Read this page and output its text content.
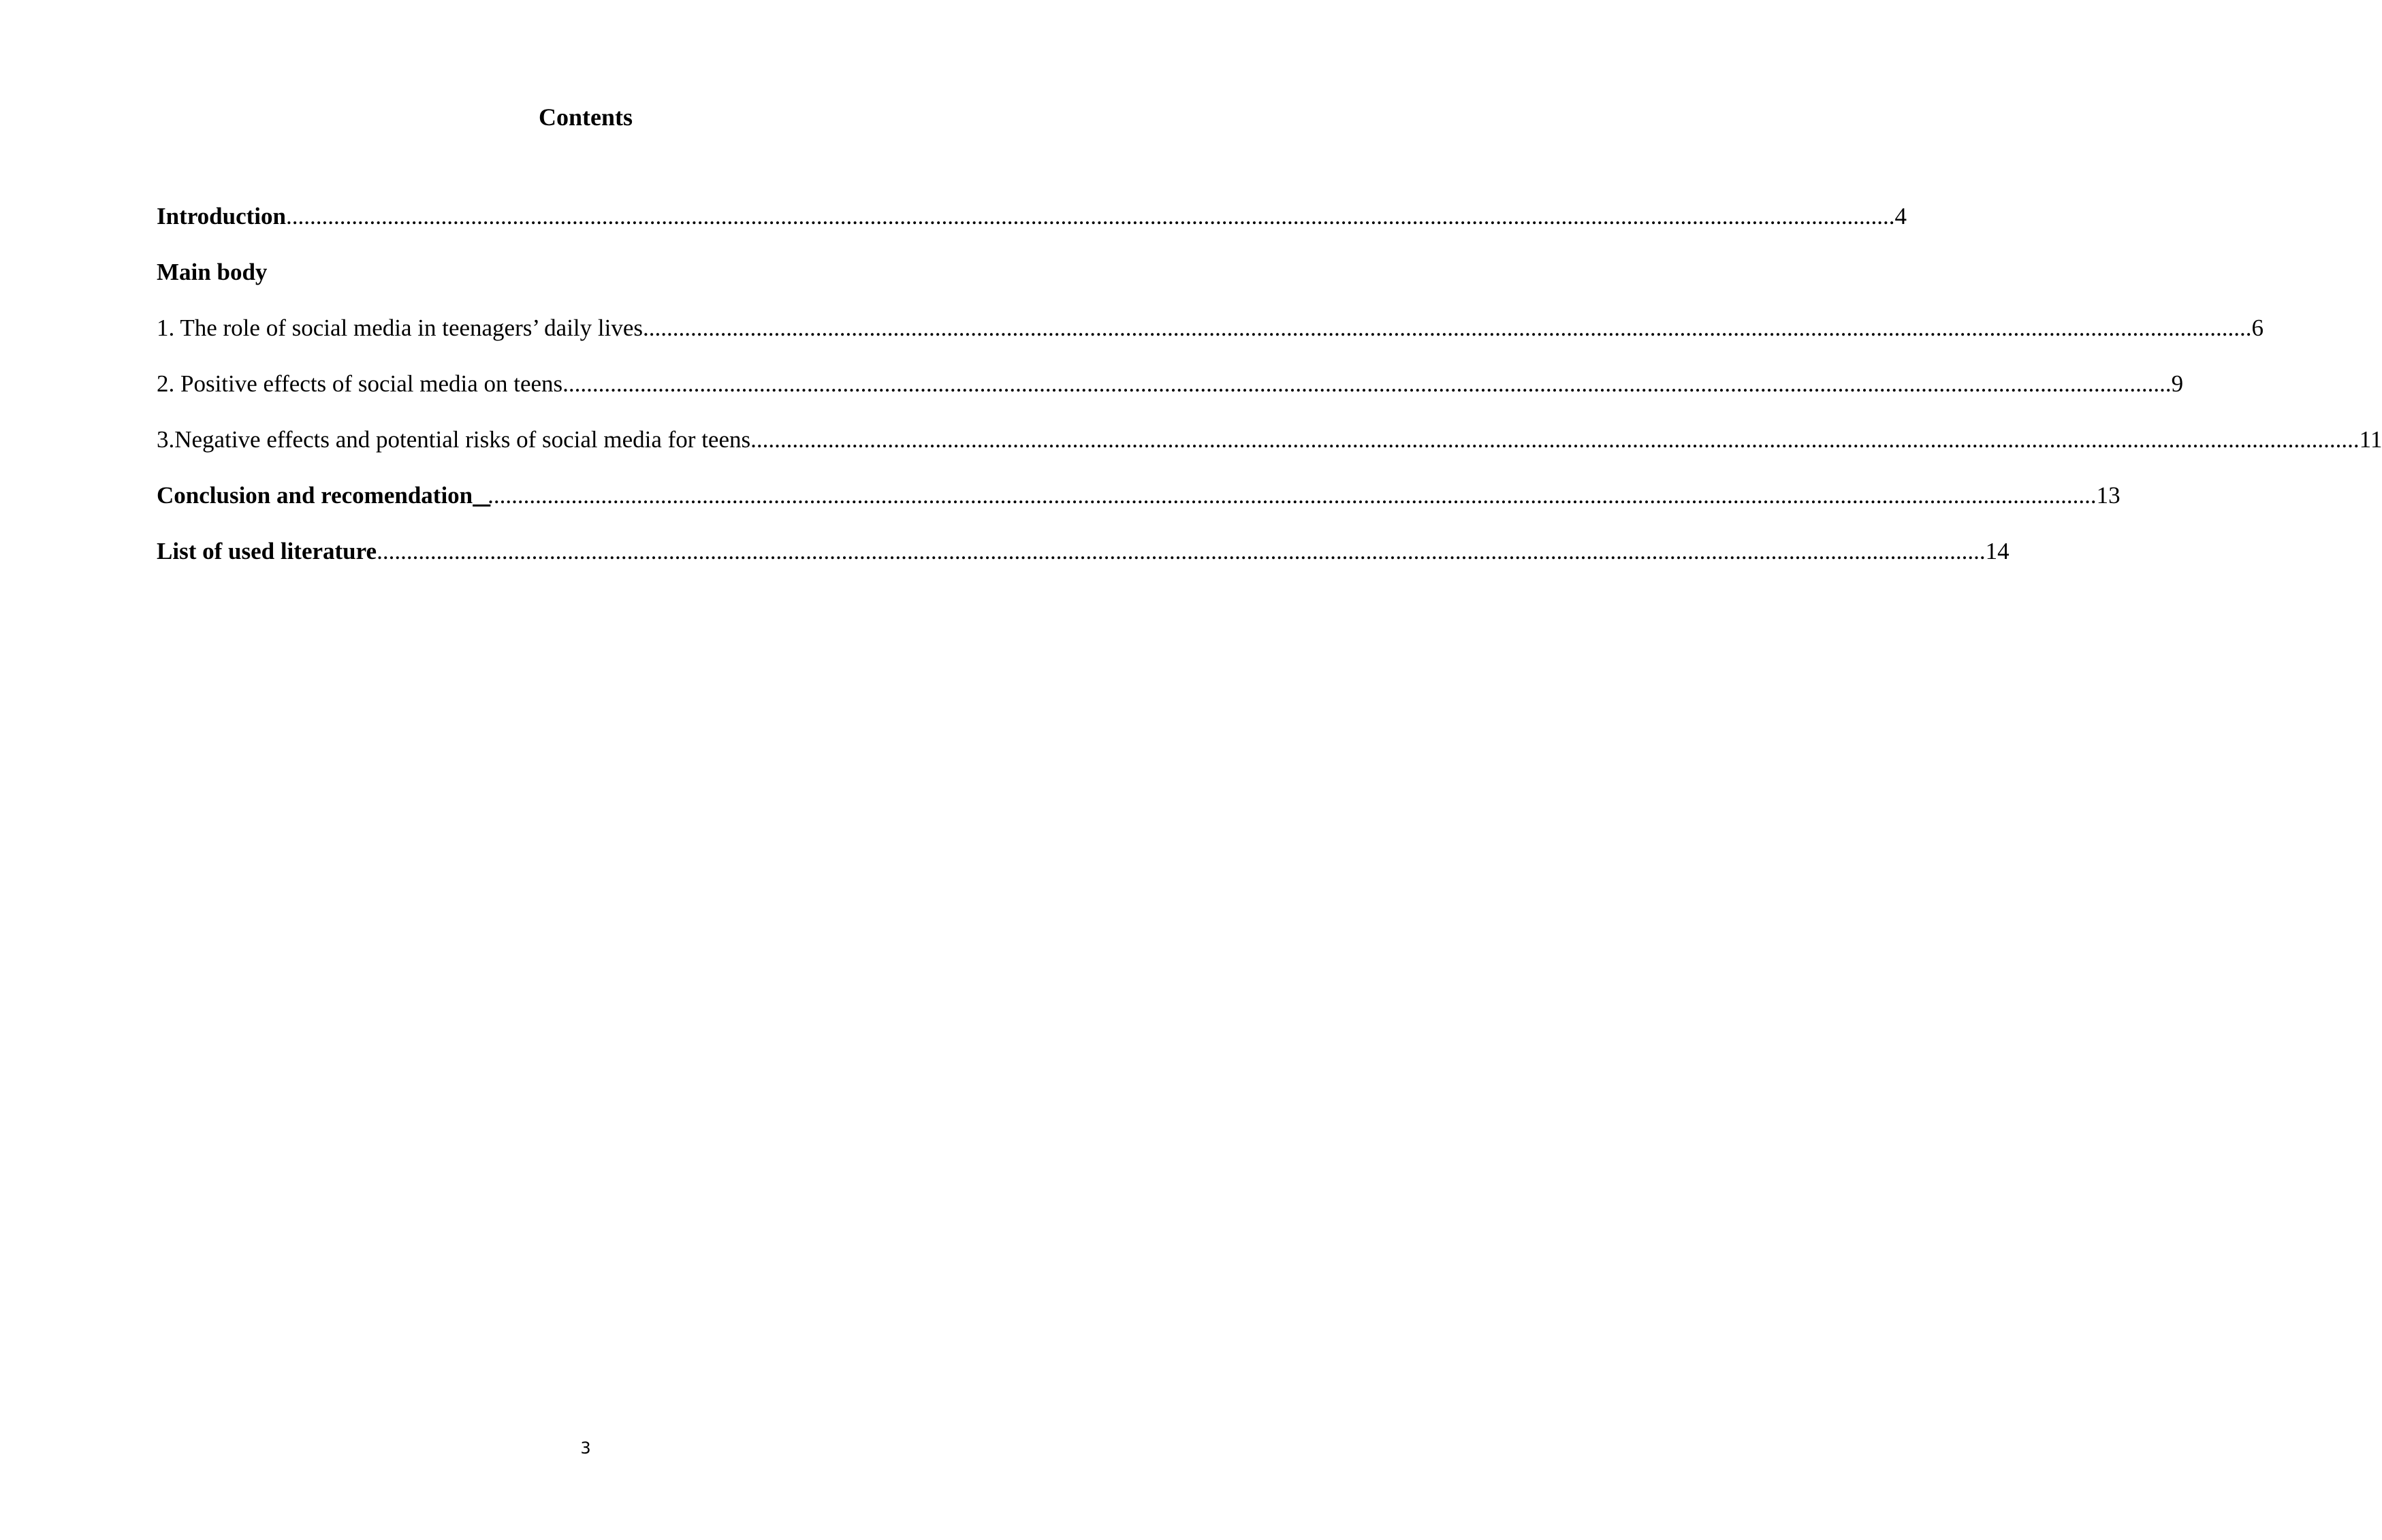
Contents
Introduction .............................................................................................................................................................................................................................................................................. 4
Main body
1. The role of social media in teenagers’ daily lives .............................................................................................................................................................................................................................................................................. 6
2. Positive effects of social media on teens .............................................................................................................................................................................................................................................................................. 9
3.Negative effects and potential risks of social media for teens .............................................................................................................................................................................................................................................................................. 11
Conclusion and recomendation
.............................................................................................................................................................................................................................................................................. 13
List of used literature .............................................................................................................................................................................................................................................................................. 14
3
